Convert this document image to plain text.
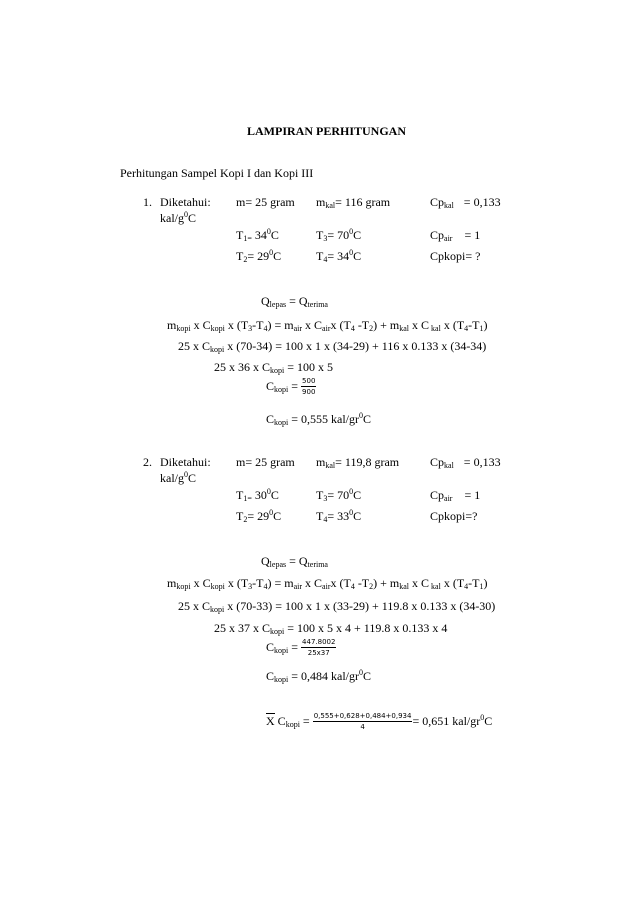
LAMPIRAN PERHITUNGAN
Perhitungan Sampel Kopi I dan Kopi III
1. Diketahui: m= 25 gram $m_{kal}= 116$ gram	$Cp_{kal} = 0,133$
kal/$g^0C$
$T_{1=}$ $34^0C$	$T_3= 70^0C$	$Cp_{air} = 1$
$T_2= 29^0C$	$T_4= 34^0C$	Cpkopi= ?
$Q_{lepas} = Q_{terima}$
$m_{kopi}$ x $C_{kopi}$ x $(T_3-T_4) = m_{air}$ x $C_{air}x$ ($T_4$ $-T_2) + m_{kal}$ x C $_{kal}$ x $(T_4-T_1)$
25 x $C_{kopi}$ x (70-34) = 100 x 1 x (34-29) + 116 x 0.133 x (34-34)
25 x 36 x $C_{kopi} = 100$ x 5
$C_{kopi} = \frac{500}{900}$
$C_{kopi} = 0,555$ kal/$gr^0C$
2. Diketahui: m= 25 gram $m_{kal}= 119,8$ gram	$Cp_{kal} = 0,133$
kal/$g^0C$
$T_{1=}$ $30^0C$	$T_3= 70^0C$	$Cp_{air} = 1$
$T_2= 29^0C$	$T_4= 33^0C$	Cpkopi=?
$Q_{lepas} = Q_{terima}$
$m_{kopi}$ x $C_{kopi}$ x $(T_3-T_4) = m_{air}$ x $C_{air}x$ ($T_4$ $-T_2) + m_{kal}$ x C $_{kal}$ x $(T_4-T_1)$
25 x $C_{kopi}$ x (70-33) = 100 x 1 x (33-29) + 119.8 x 0.133 x (34-30)
25 x 37 x $C_{kopi} = 100$ x 5 x 4 + 119.8 x 0.133 x 4
$C_{kopi} = \frac{447.8002}{25x37}$
$C_{kopi} = 0,484$ kal/$gr^0C$
X $C_{kopi} = \frac{0,555+0,628+0,484+0,934}{4} = 0,651$ kal/$gr^0C$
